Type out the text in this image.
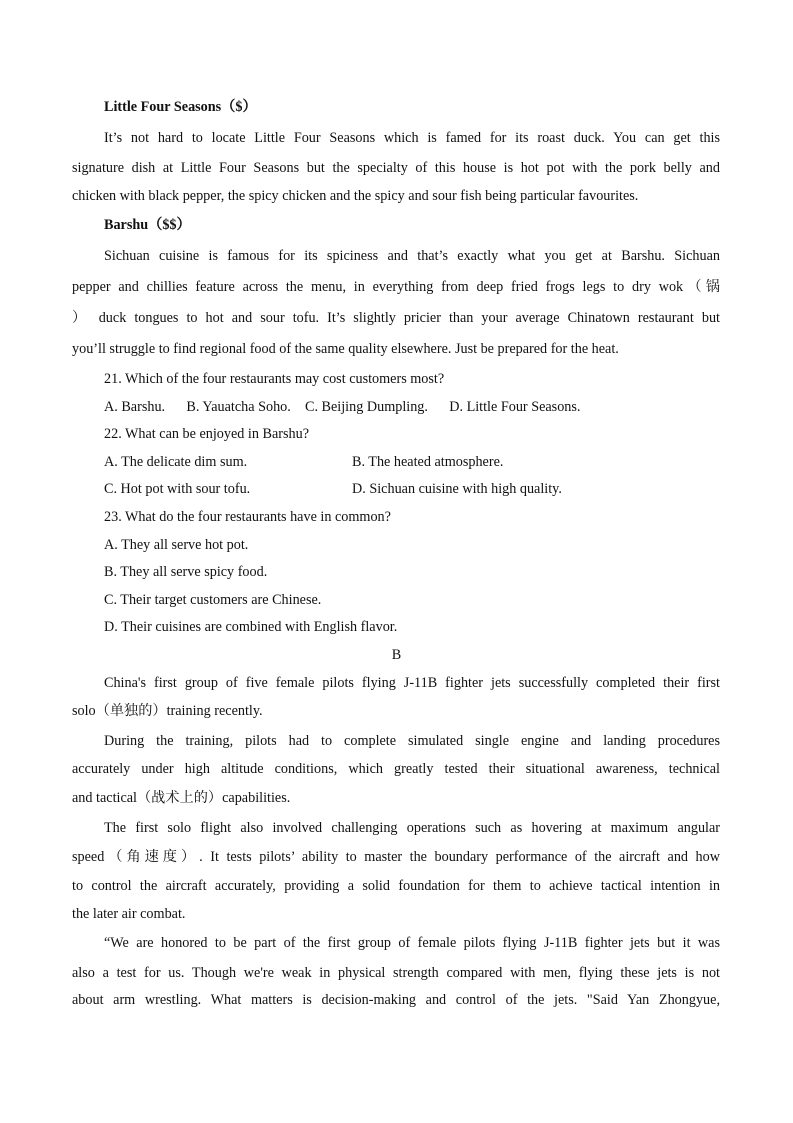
Little Four Seasons（$）

It’s not hard to locate Little Four Seasons which is famed for its roast duck. You can get this

signature dish at Little Four Seasons but the specialty of this house is hot pot with the pork belly and

chicken with black pepper, the spicy chicken and the spicy and sour fish being particular favourites.

Barshu（$$）

Sichuan cuisine is famous for its spiciness and that’s exactly what you get at Barshu. Sichuan

pepper and chillies feature across the menu, in everything from deep fried frogs legs to dry wok（锅

） duck tongues to hot and sour tofu. It’s slightly pricier than your average Chinatown restaurant but

you’ll struggle to find regional food of the same quality elsewhere. Just be prepared for the heat.

21. Which of the four restaurants may cost customers most?

A. Barshu.      B. Yauatcha Soho.    C. Beijing Dumpling.      D. Little Four Seasons.

22. What can be enjoyed in Barshu?

A. The delicate dim sum.	B. The heated atmosphere.

C. Hot pot with sour tofu.	D. Sichuan cuisine with high quality.

23. What do the four restaurants have in common?

A. They all serve hot pot.

B. They all serve spicy food.

C. Their target customers are Chinese.

D. Their cuisines are combined with English flavor.

B

China's first group of five female pilots flying J-11B fighter jets successfully completed their first

solo（单独的）training recently.

During the training, pilots had to complete simulated single engine and landing procedures

accurately under high altitude conditions, which greatly tested their situational awareness, technical

and tactical（战术上的）capabilities.

The first solo flight also involved challenging operations such as hovering at maximum angular

speed（角速度）. It tests pilots’ ability to master the boundary performance of the aircraft and how

to control the aircraft accurately, providing a solid foundation for them to achieve tactical intention in

the later air combat.

“We are honored to be part of the first group of female pilots flying J-11B fighter jets but it was

also a test for us. Though we're weak in physical strength compared with men, flying these jets is not

about arm wrestling. What matters is decision-making and control of the jets. "Said Yan Zhongyue,
